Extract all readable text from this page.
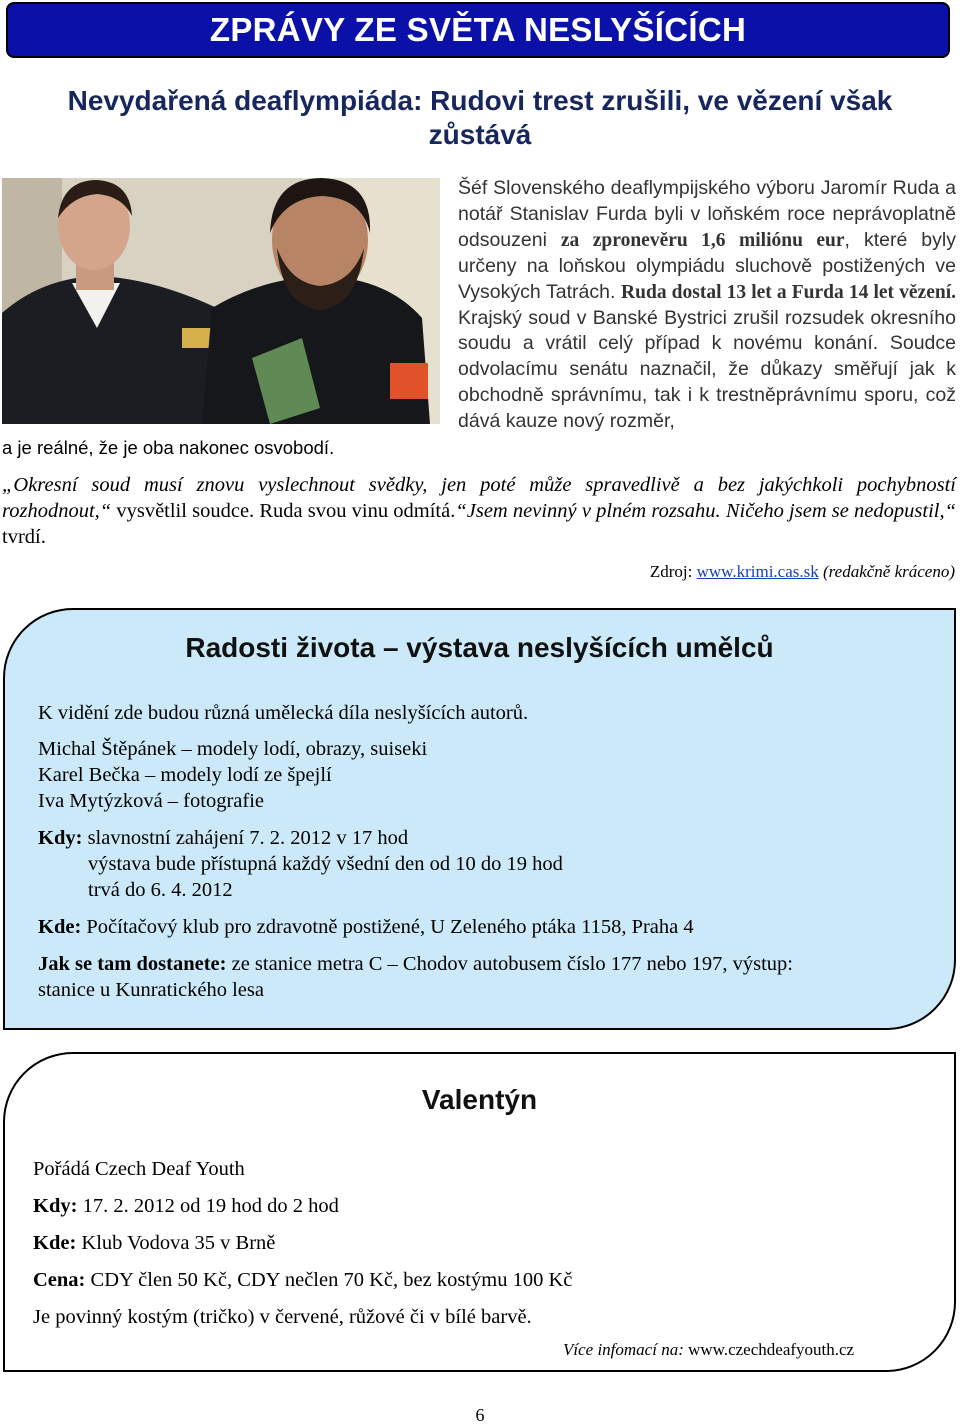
ZPRÁVY ZE SVĚTA NESLYŠÍCÍCH
Nevydařená deaflympiáda: Rudovi trest zrušili, ve vězení však
zůstává
a je reálné, že je oba nakonec osvobodí.
Šéf Slovenského deaflympijského výboru Jaromír Ruda a notář Stanislav Furda byli v loňském roce neprávoplatně odsouzeni za zpronevěru 1,6 miliónu eur, které byly určeny na loňskou olympiádu sluchově postižených ve Vysokých Tatrách. Ruda dostal 13 let a Furda 14 let vězení. Krajský soud v Banské Bystrici zrušil rozsudek okresního soudu a vrátil celý případ k novému konání. Soudce odvolacímu senátu naznačil, že důkazy směřují jak k obchodně správnímu, tak i k trestněprávnímu sporu, což dává kauze nový rozměr,
„Okresní soud musí znovu vyslechnout svědky, jen poté může spravedlivě a bez jakýchkoli pochybností rozhodnout,“ vysvětlil soudce. Ruda svou vinu odmítá.“Jsem nevinný v plném rozsahu. Ničeho jsem se nedopustil,“ tvrdí.
Zdroj: www.krimi.cas.sk (redakčně kráceno)
Radosti života – výstava neslyšících umělců
K vidění zde budou různá umělecká díla neslyšících autorů.
Michal Štěpánek – modely lodí, obrazy, suiseki
Karel Bečka – modely lodí ze špejlí
Iva Mytýzková – fotografie
Kdy: slavnostní zahájení 7. 2. 2012 v 17 hod
výstava bude přístupná každý všední den od 10 do 19 hod
trvá do 6. 4. 2012
Kde: Počítačový klub pro zdravotně postižené, U Zeleného ptáka 1158, Praha 4
Jak se tam dostanete: ze stanice metra C – Chodov autobusem číslo 177 nebo 197, výstup:
stanice u Kunratického lesa
Valentýn
Pořádá Czech Deaf Youth
Kdy: 17. 2. 2012 od 19 hod do 2 hod
Kde: Klub Vodova 35 v Brně
Cena: CDY člen 50 Kč, CDY nečlen 70 Kč, bez kostýmu 100 Kč
Je povinný kostým (tričko) v červené, růžové či v bílé barvě.
Více infomací na: www.czechdeafyouth.cz
6
